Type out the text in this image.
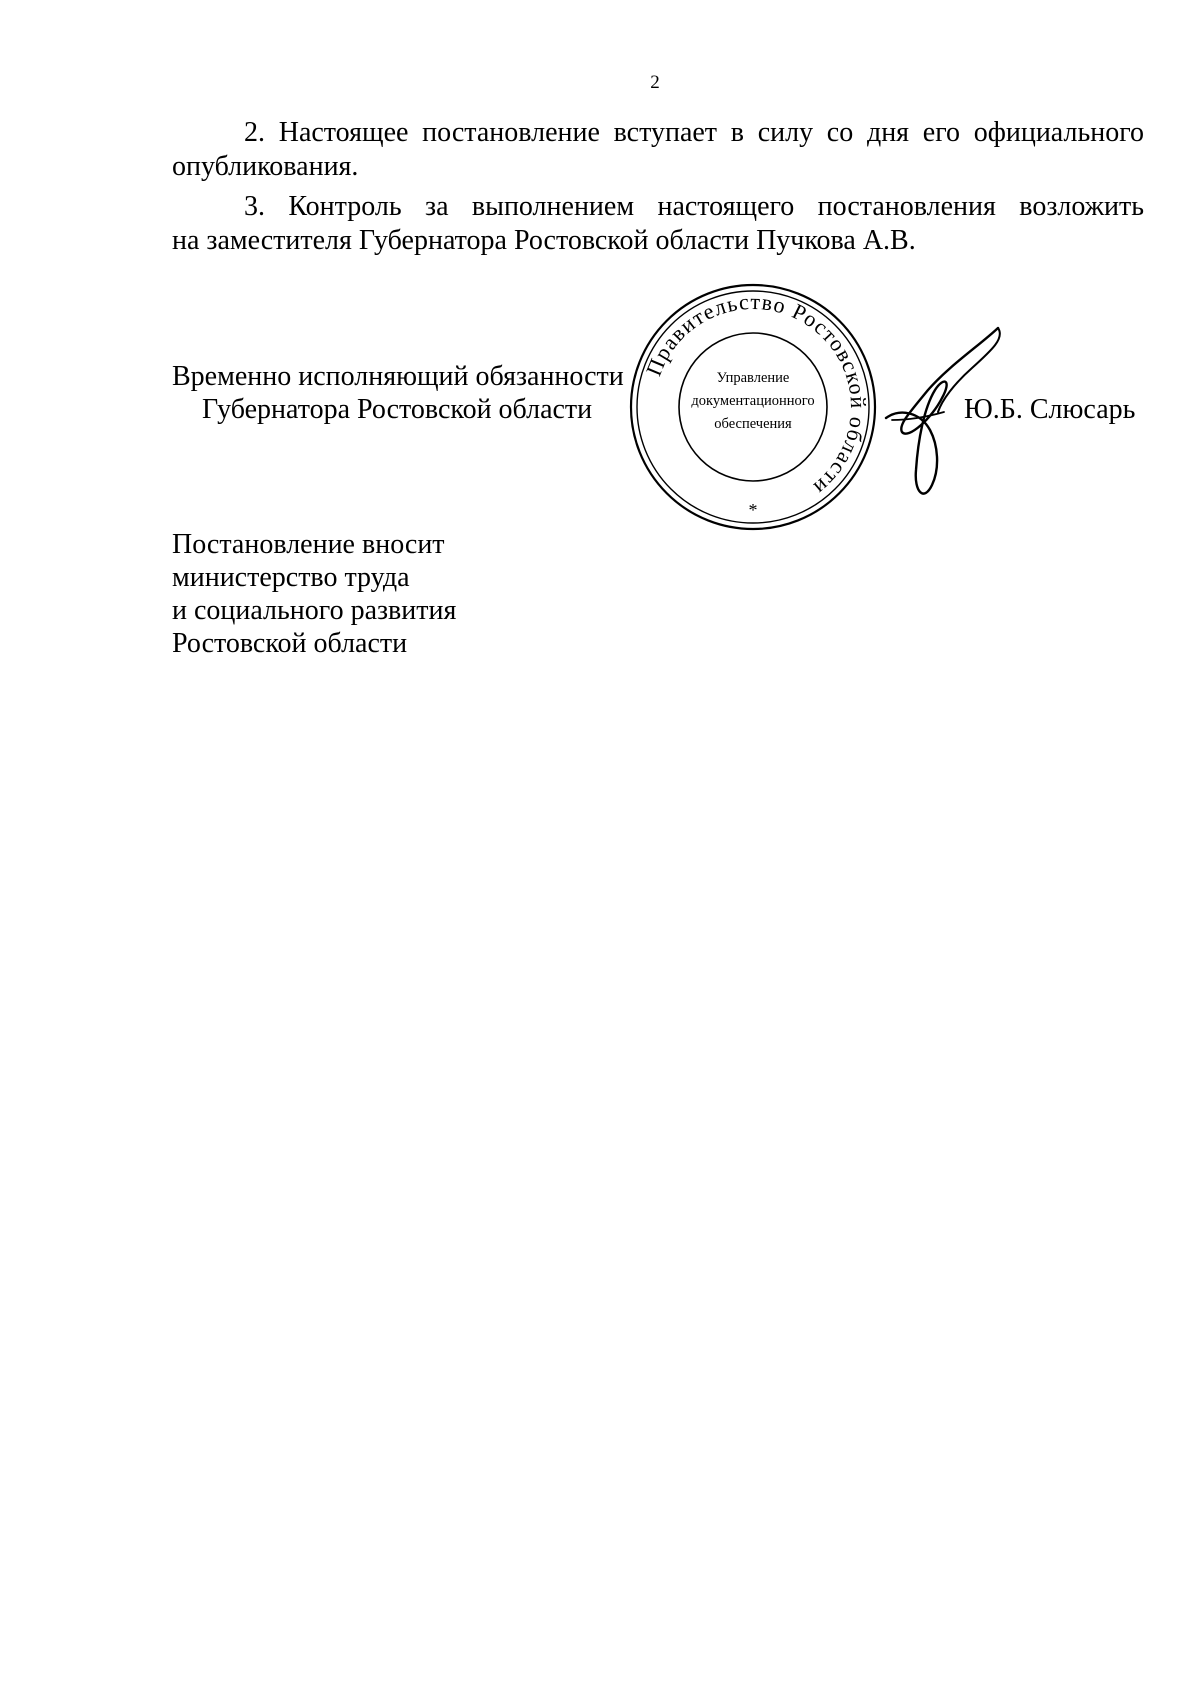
2

2. Настоящее постановление вступает в силу со дня его официального
опубликования.

3. Контроль за выполнением настоящего постановления возложить
на заместителя Губернатора Ростовской области Пучкова А.В.

Временно исполняющий обязанности
Губернатора Ростовской области
Правительство Ростовской области
Управление
документационного
обеспечения
*
Ю.Б. Слюсарь
Постановление вносит
министерство труда
и социального развития
Ростовской области
